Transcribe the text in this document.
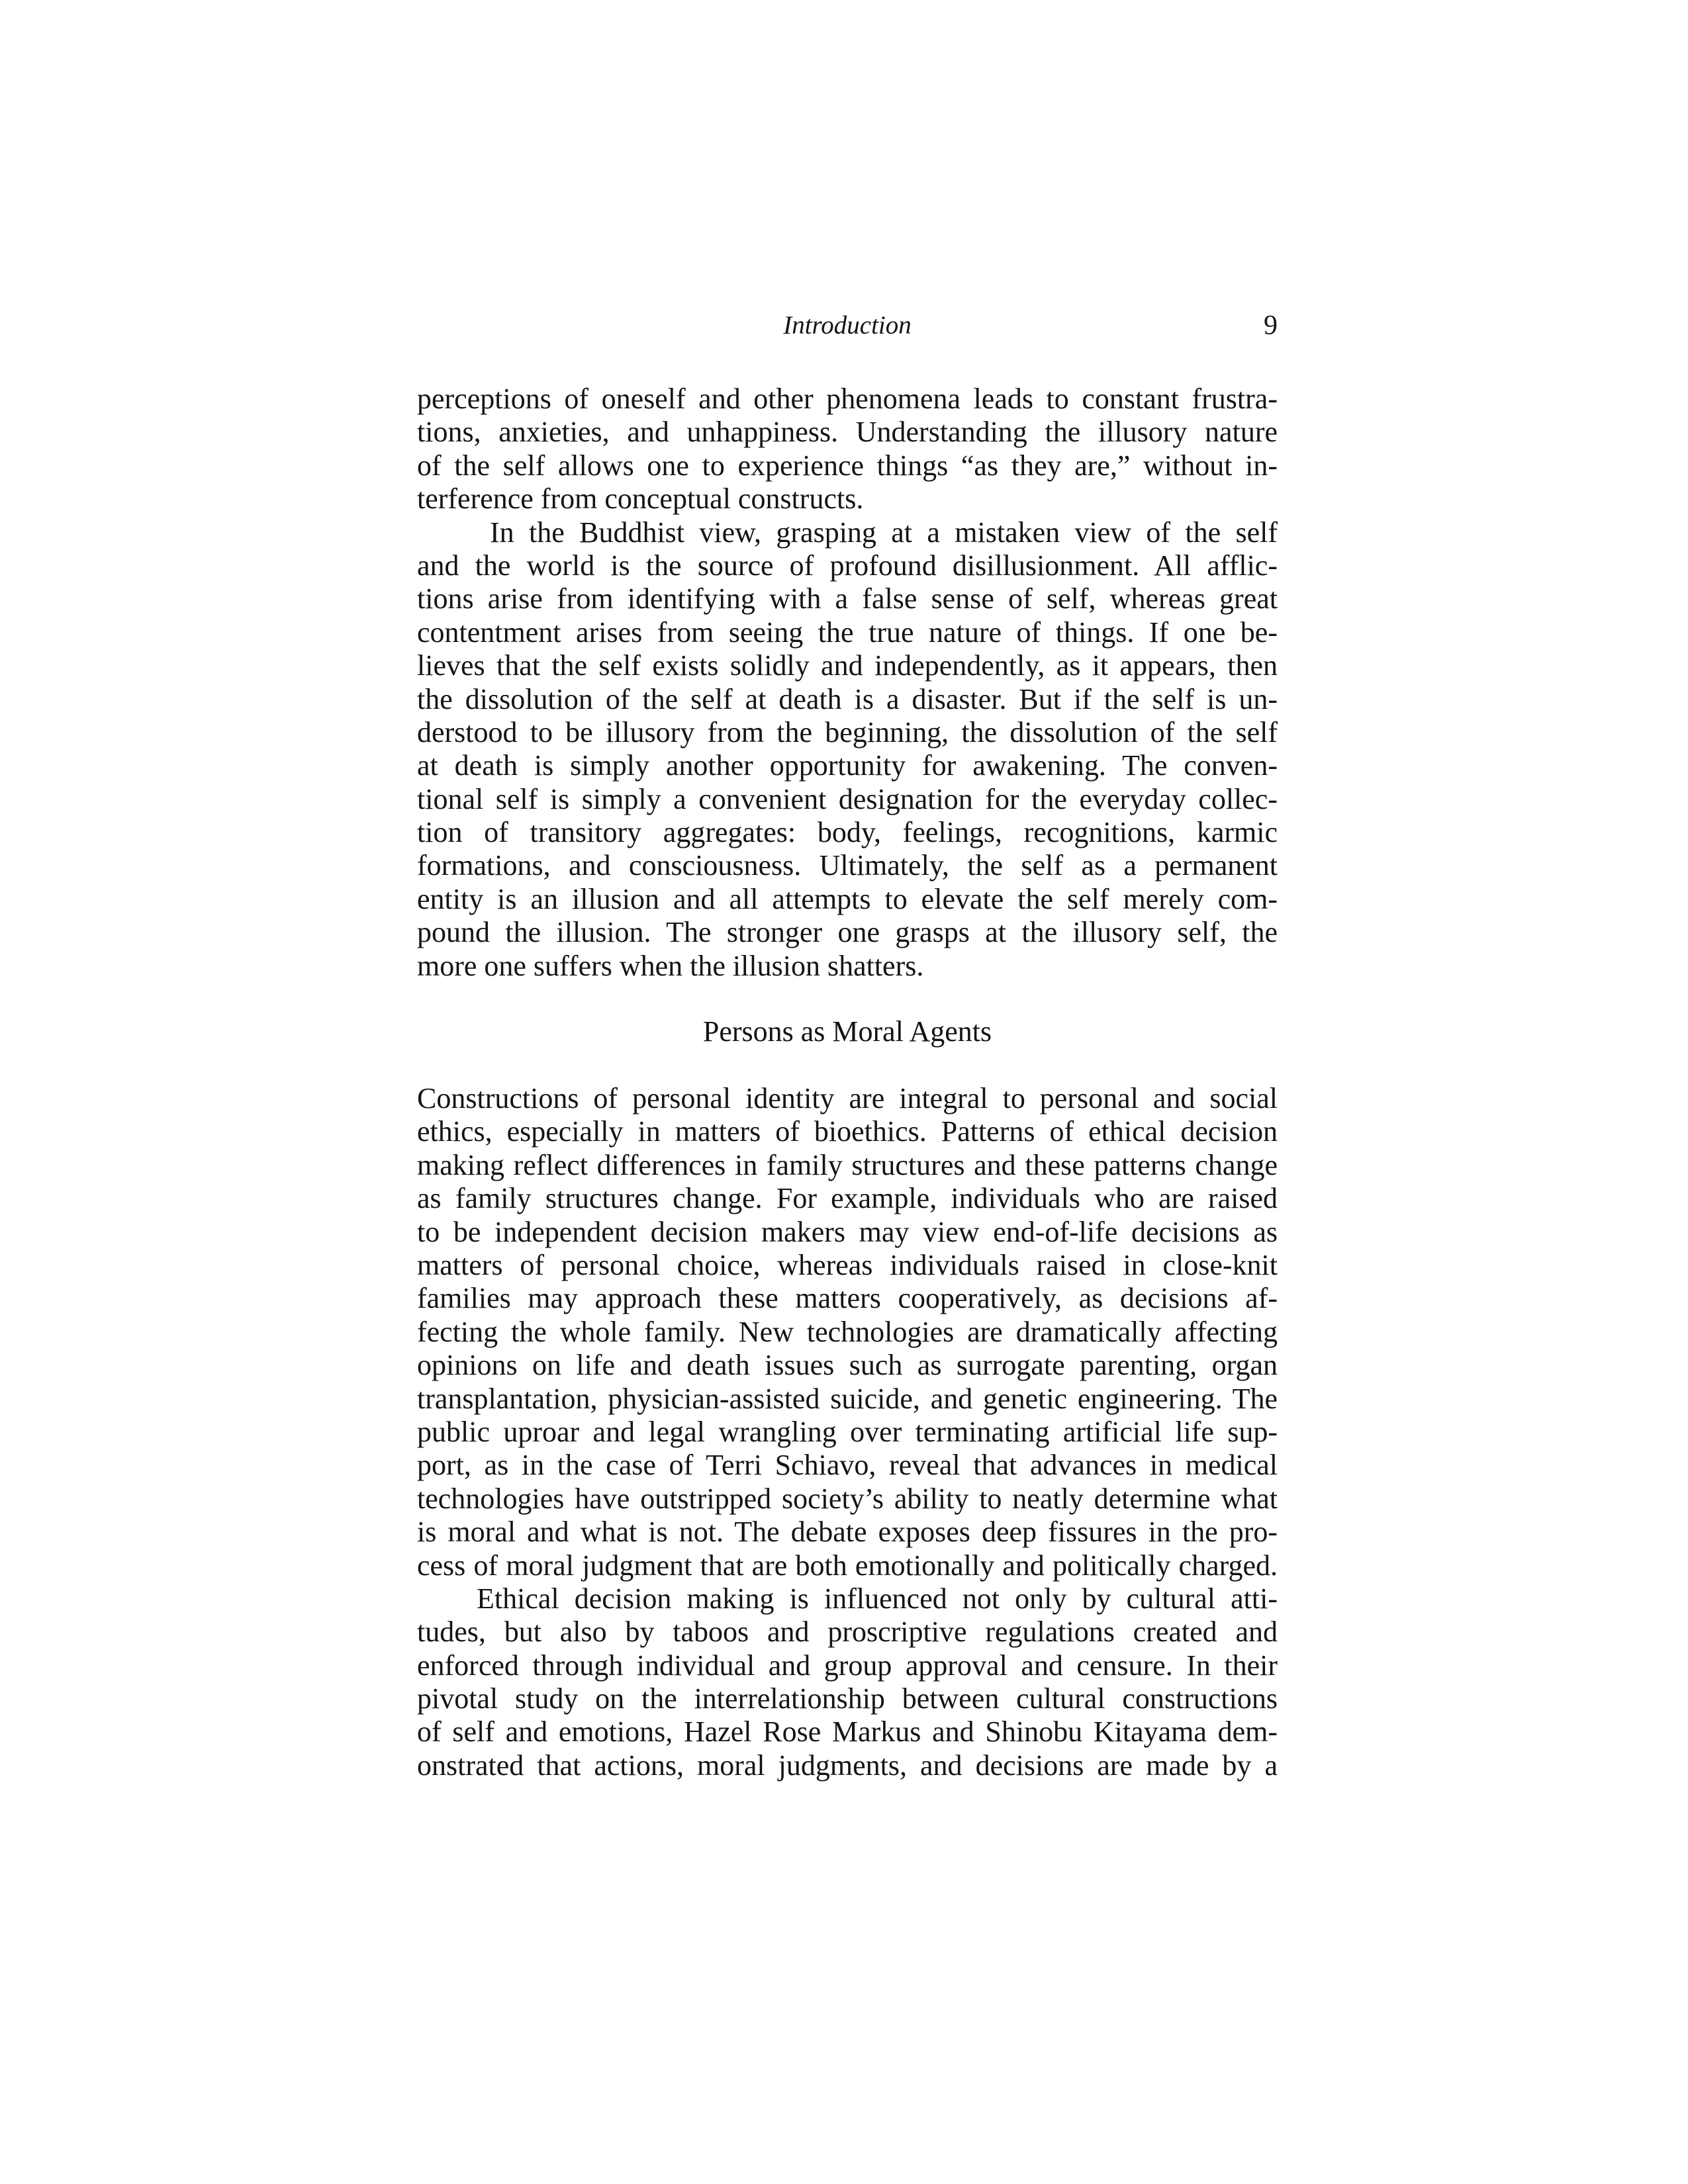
Introduction	9
perceptions of oneself and other phenomena leads to constant frustra-
tions, anxieties, and unhappiness. Understanding the illusory nature
of the self allows one to experience things “as they are,” without in-
terference from conceptual constructs.
In the Buddhist view, grasping at a mistaken view of the self
and the world is the source of profound disillusionment. All afflic-
tions arise from identifying with a false sense of self, whereas great
contentment arises from seeing the true nature of things. If one be-
lieves that the self exists solidly and independently, as it appears, then
the dissolution of the self at death is a disaster. But if the self is un-
derstood to be illusory from the beginning, the dissolution of the self
at death is simply another opportunity for awakening. The conven-
tional self is simply a convenient designation for the everyday collec-
tion of transitory aggregates: body, feelings, recognitions, karmic
formations, and consciousness. Ultimately, the self as a permanent
entity is an illusion and all attempts to elevate the self merely com-
pound the illusion. The stronger one grasps at the illusory self, the
more one suffers when the illusion shatters.
Persons as Moral Agents
Constructions of personal identity are integral to personal and social
ethics, especially in matters of bioethics. Patterns of ethical decision
making reflect differences in family structures and these patterns change
as family structures change. For example, individuals who are raised
to be independent decision makers may view end-of-life decisions as
matters of personal choice, whereas individuals raised in close-knit
families may approach these matters cooperatively, as decisions af-
fecting the whole family. New technologies are dramatically affecting
opinions on life and death issues such as surrogate parenting, organ
transplantation, physician-assisted suicide, and genetic engineering. The
public uproar and legal wrangling over terminating artificial life sup-
port, as in the case of Terri Schiavo, reveal that advances in medical
technologies have outstripped society’s ability to neatly determine what
is moral and what is not. The debate exposes deep fissures in the pro-
cess of moral judgment that are both emotionally and politically charged.
Ethical decision making is influenced not only by cultural atti-
tudes, but also by taboos and proscriptive regulations created and
enforced through individual and group approval and censure. In their
pivotal study on the interrelationship between cultural constructions
of self and emotions, Hazel Rose Markus and Shinobu Kitayama dem-
onstrated that actions, moral judgments, and decisions are made by a
